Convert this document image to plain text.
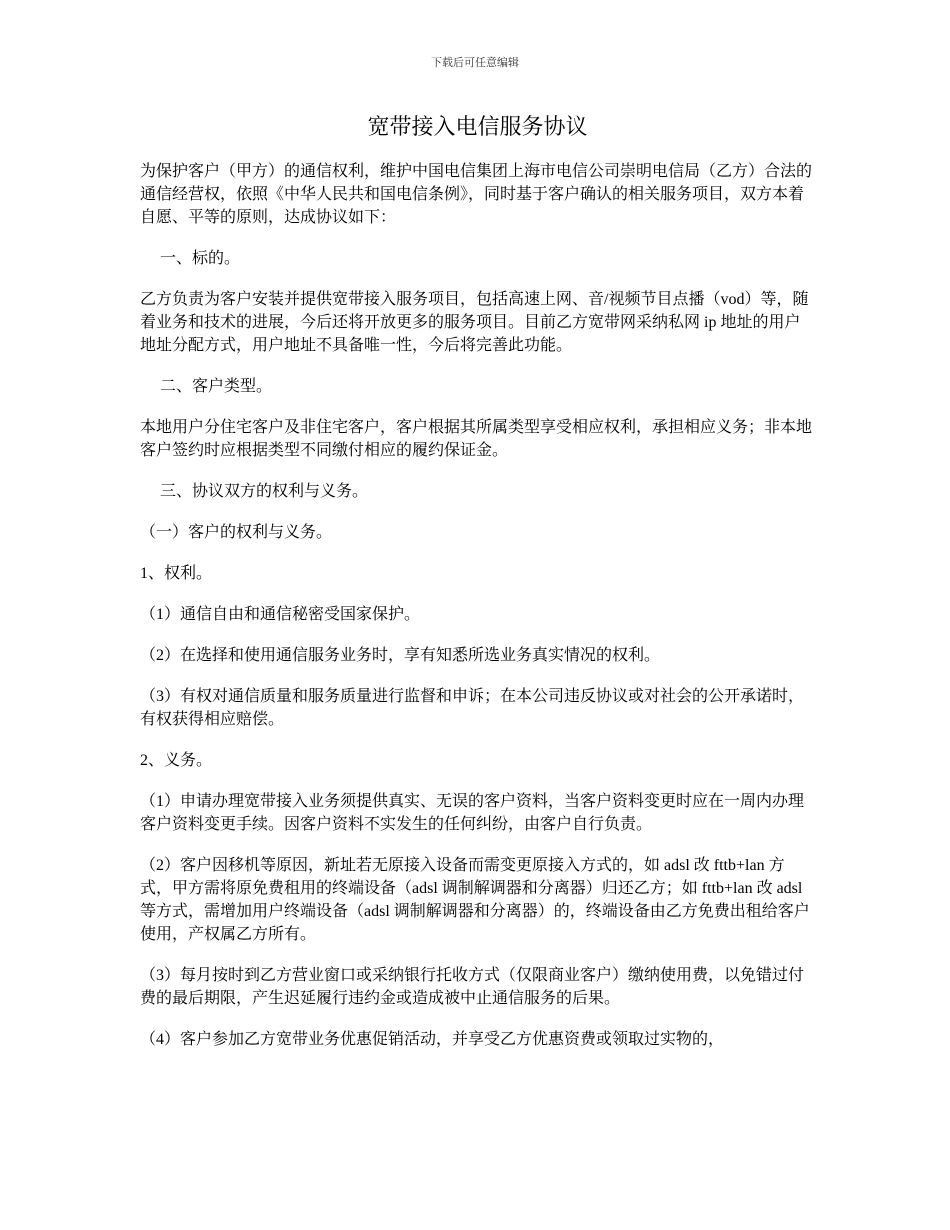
下载后可任意编辑
宽带接入电信服务协议

为保护客户（甲方）的通信权利，维护中国电信集团上海市电信公司崇明电信局（乙方）合法的通信经营权，依照《中华人民共和国电信条例》，同时基于客户确认的相关服务项目，双方本着自愿、平等的原则，达成协议如下：

一、标的。

乙方负责为客户安装并提供宽带接入服务项目，包括高速上网、音/视频节目点播（vod）等，随着业务和技术的进展，今后还将开放更多的服务项目。目前乙方宽带网采纳私网 ip 地址的用户地址分配方式，用户地址不具备唯一性，今后将完善此功能。

二、客户类型。

本地用户分住宅客户及非住宅客户，客户根据其所属类型享受相应权利，承担相应义务；非本地客户签约时应根据类型不同缴付相应的履约保证金。

三、协议双方的权利与义务。

（一）客户的权利与义务。

1、权利。

（1）通信自由和通信秘密受国家保护。

（2）在选择和使用通信服务业务时，享有知悉所选业务真实情况的权利。

（3）有权对通信质量和服务质量进行监督和申诉；在本公司违反协议或对社会的公开承诺时，有权获得相应赔偿。

2、义务。

（1）申请办理宽带接入业务须提供真实、无误的客户资料，当客户资料变更时应在一周内办理客户资料变更手续。因客户资料不实发生的任何纠纷，由客户自行负责。

（2）客户因移机等原因，新址若无原接入设备而需变更原接入方式的，如 adsl 改 fttb+lan 方式，甲方需将原免费租用的终端设备（adsl 调制解调器和分离器）归还乙方；如 fttb+lan 改 adsl 等方式，需增加用户终端设备（adsl 调制解调器和分离器）的，终端设备由乙方免费出租给客户使用，产权属乙方所有。

（3）每月按时到乙方营业窗口或采纳银行托收方式（仅限商业客户）缴纳使用费，以免错过付费的最后期限，产生迟延履行违约金或造成被中止通信服务的后果。

（4）客户参加乙方宽带业务优惠促销活动，并享受乙方优惠资费或领取过实物的，
